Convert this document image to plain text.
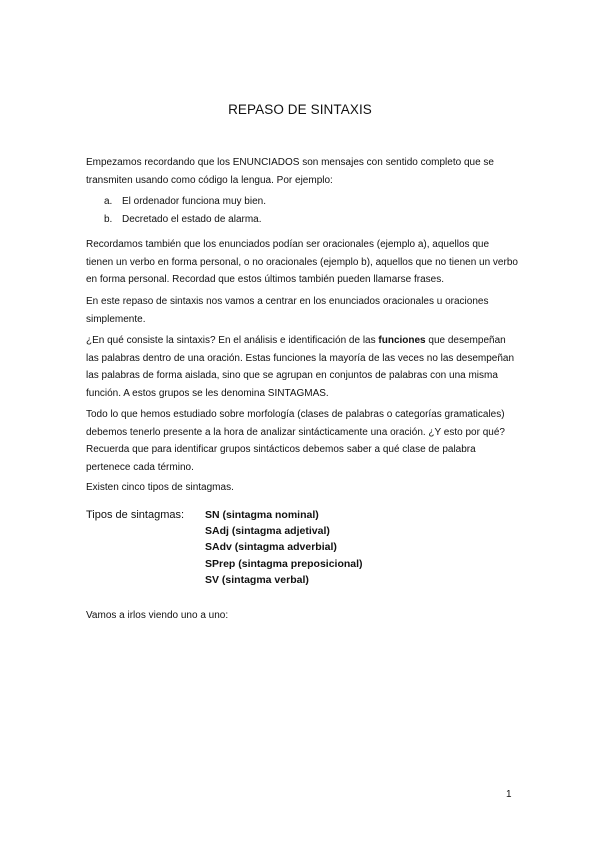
REPASO DE SINTAXIS
Empezamos recordando que los ENUNCIADOS son mensajes con sentido completo que se transmiten usando como código la lengua. Por ejemplo:
a. El ordenador funciona muy bien.
b. Decretado el estado de alarma.
Recordamos también que los enunciados podían ser oracionales (ejemplo a), aquellos que tienen un verbo en forma personal, o no oracionales (ejemplo b), aquellos que no tienen un verbo en forma personal. Recordad que estos últimos también pueden llamarse frases.
En este repaso de sintaxis nos vamos a centrar en los enunciados oracionales u oraciones simplemente.
¿En qué consiste la sintaxis? En el análisis e identificación de las funciones que desempeñan las palabras dentro de una oración. Estas funciones la mayoría de las veces no las desempeñan las palabras de forma aislada, sino que se agrupan en conjuntos de palabras con una misma función. A estos grupos se les denomina SINTAGMAS.
Todo lo que hemos estudiado sobre morfología (clases de palabras o categorías gramaticales) debemos tenerlo presente a la hora de analizar sintácticamente una oración. ¿Y esto por qué? Recuerda que para identificar grupos sintácticos debemos saber a qué clase de palabra pertenece cada término.
Existen cinco tipos de sintagmas.
Tipos de sintagmas: SN (sintagma nominal)
SAdj (sintagma adjetival)
SAdv (sintagma adverbial)
SPrep (sintagma preposicional)
SV (sintagma verbal)
Vamos a irlos viendo uno a uno:
1
